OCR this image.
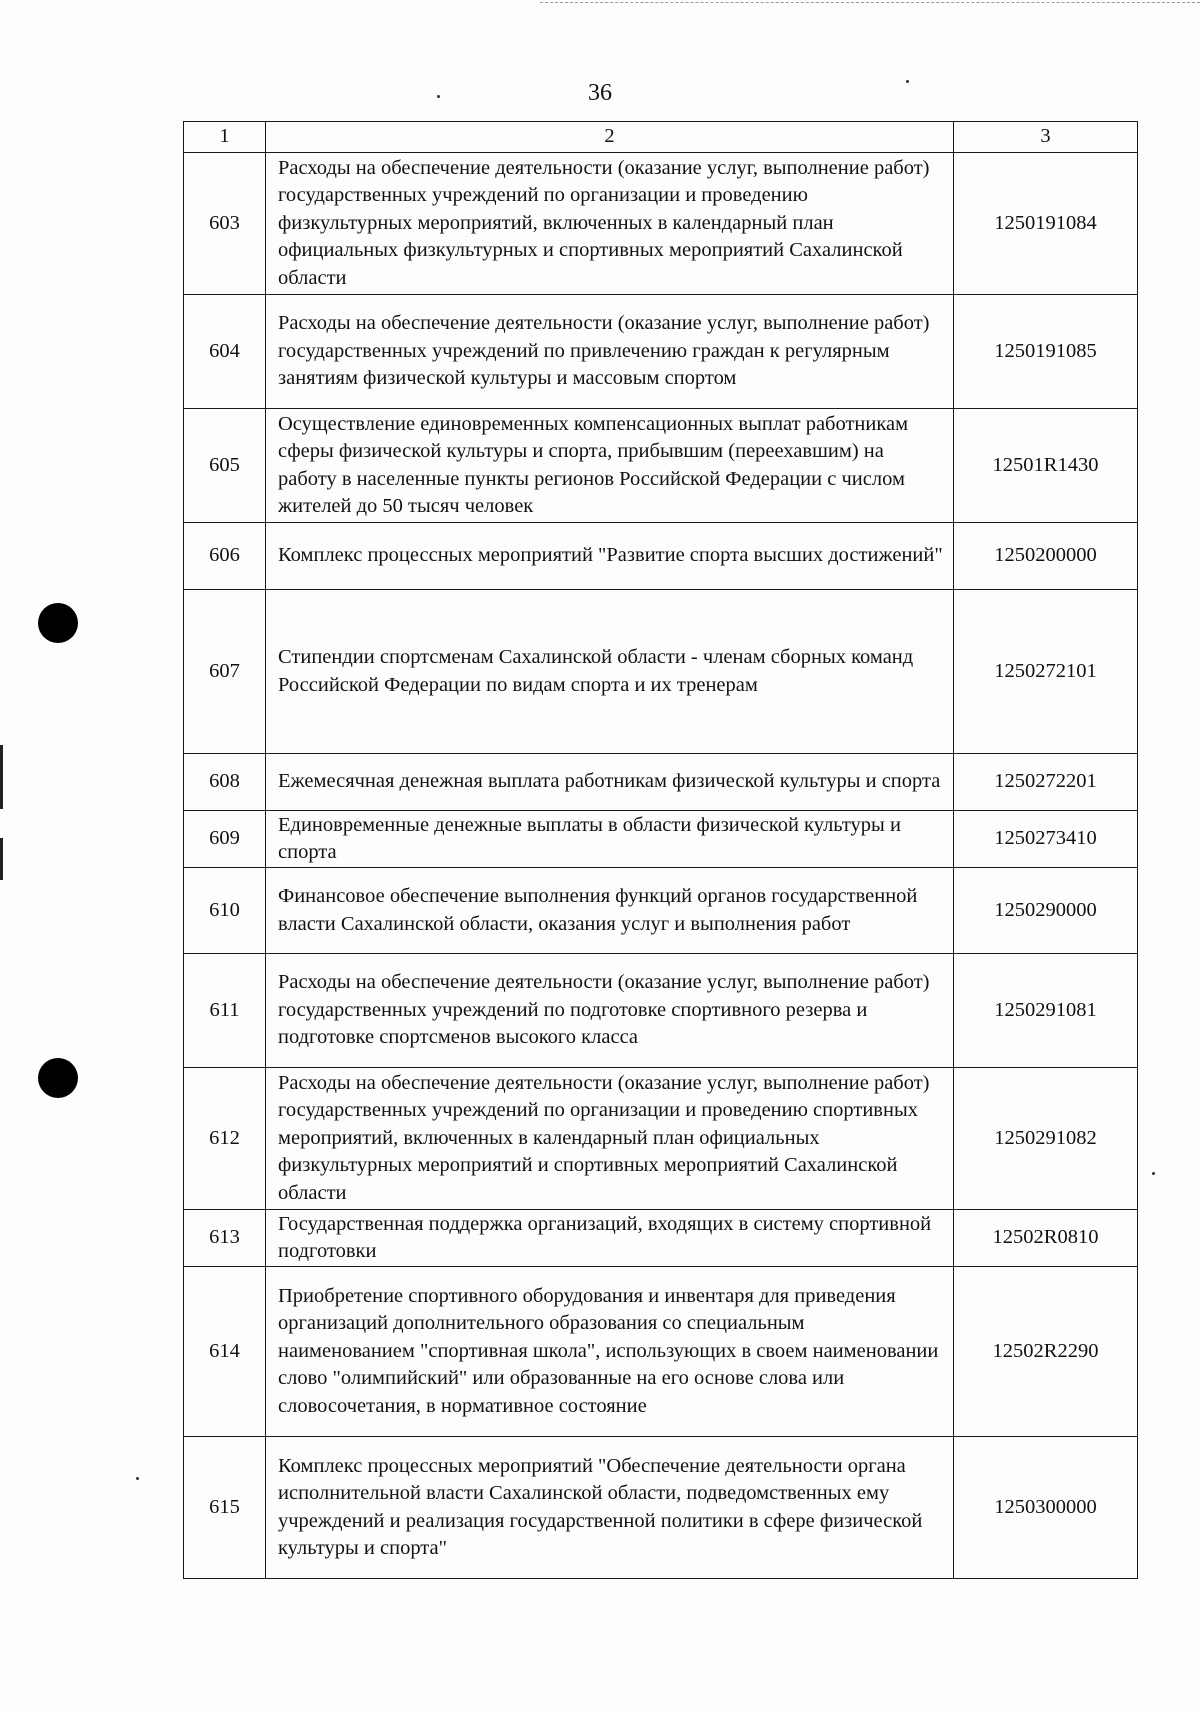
36
1	2	3
603	Расходы на обеспечение деятельности (оказание услуг, выполнение работ) государственных учреждений по организации и проведению физкультурных мероприятий, включенных в календарный план официальных физкультурных и спортивных мероприятий Сахалинской области	1250191084
604	Расходы на обеспечение деятельности (оказание услуг, выполнение работ) государственных учреждений по привлечению граждан к регулярным занятиям физической культуры и массовым спортом	1250191085
605	Осуществление единовременных компенсационных выплат работникам сферы физической культуры и спорта, прибывшим (переехавшим) на работу в населенные пункты регионов Российской Федерации с числом жителей до 50 тысяч человек	12501R1430
606	Комплекс процессных мероприятий "Развитие спорта высших достижений"	1250200000
607	Стипендии спортсменам Сахалинской области - членам сборных команд Российской Федерации по видам спорта и их тренерам	1250272101
608	Ежемесячная денежная выплата работникам физической культуры и спорта	1250272201
609	Единовременные денежные выплаты в области физической культуры и спорта	1250273410
610	Финансовое обеспечение выполнения функций органов государственной власти Сахалинской области, оказания услуг и выполнения работ	1250290000
611	Расходы на обеспечение деятельности (оказание услуг, выполнение работ) государственных учреждений по подготовке спортивного резерва и подготовке спортсменов высокого класса	1250291081
612	Расходы на обеспечение деятельности (оказание услуг, выполнение работ) государственных учреждений по организации и проведению спортивных мероприятий, включенных в календарный план официальных физкультурных мероприятий и спортивных мероприятий Сахалинской области	1250291082
613	Государственная поддержка организаций, входящих в систему спортивной подготовки	12502R0810
614	Приобретение спортивного оборудования и инвентаря для приведения организаций дополнительного образования со специальным наименованием "спортивная школа", использующих в своем наименовании слово "олимпийский" или образованные на его основе слова или словосочетания, в нормативное состояние	12502R2290
615	Комплекс процессных мероприятий "Обеспечение деятельности органа исполнительной власти Сахалинской области, подведомственных ему учреждений и реализация государственной политики в сфере физической культуры и спорта"	1250300000
